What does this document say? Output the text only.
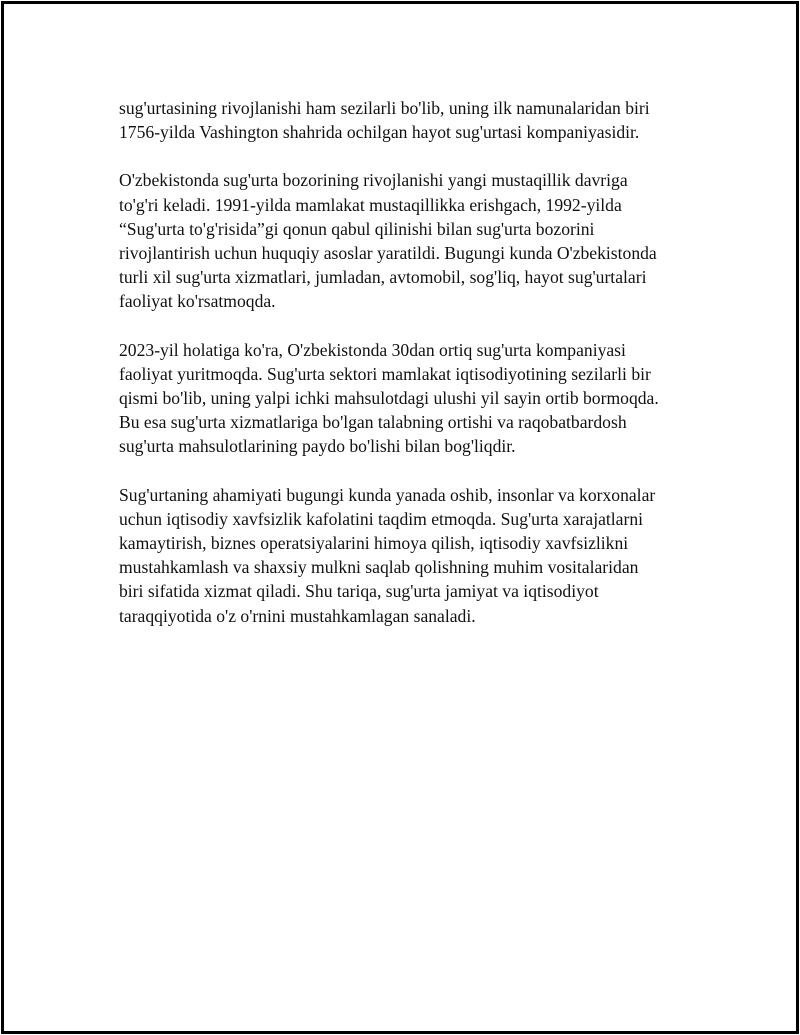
sug'urtasining rivojlanishi ham sezilarli bo'lib, uning ilk namunalaridan biri
1756-yilda Vashington shahrida ochilgan hayot sug'urtasi kompaniyasidir.

O'zbekistonda sug'urta bozorining rivojlanishi yangi mustaqillik davriga
to'g'ri keladi. 1991-yilda mamlakat mustaqillikka erishgach, 1992-yilda
“Sug'urta to'g'risida”gi qonun qabul qilinishi bilan sug'urta bozorini
rivojlantirish uchun huquqiy asoslar yaratildi. Bugungi kunda O'zbekistonda
turli xil sug'urta xizmatlari, jumladan, avtomobil, sog'liq, hayot sug'urtalari
faoliyat ko'rsatmoqda.

2023-yil holatiga ko'ra, O'zbekistonda 30dan ortiq sug'urta kompaniyasi
faoliyat yuritmoqda. Sug'urta sektori mamlakat iqtisodiyotining sezilarli bir
qismi bo'lib, uning yalpi ichki mahsulotdagi ulushi yil sayin ortib bormoqda.
Bu esa sug'urta xizmatlariga bo'lgan talabning ortishi va raqobatbardosh
sug'urta mahsulotlarining paydo bo'lishi bilan bog'liqdir.

Sug'urtaning ahamiyati bugungi kunda yanada oshib, insonlar va korxonalar
uchun iqtisodiy xavfsizlik kafolatini taqdim etmoqda. Sug'urta xarajatlarni
kamaytirish, biznes operatsiyalarini himoya qilish, iqtisodiy xavfsizlikni
mustahkamlash va shaxsiy mulkni saqlab qolishning muhim vositalaridan
biri sifatida xizmat qiladi. Shu tariqa, sug'urta jamiyat va iqtisodiyot
taraqqiyotida o'z o'rnini mustahkamlagan sanaladi.
